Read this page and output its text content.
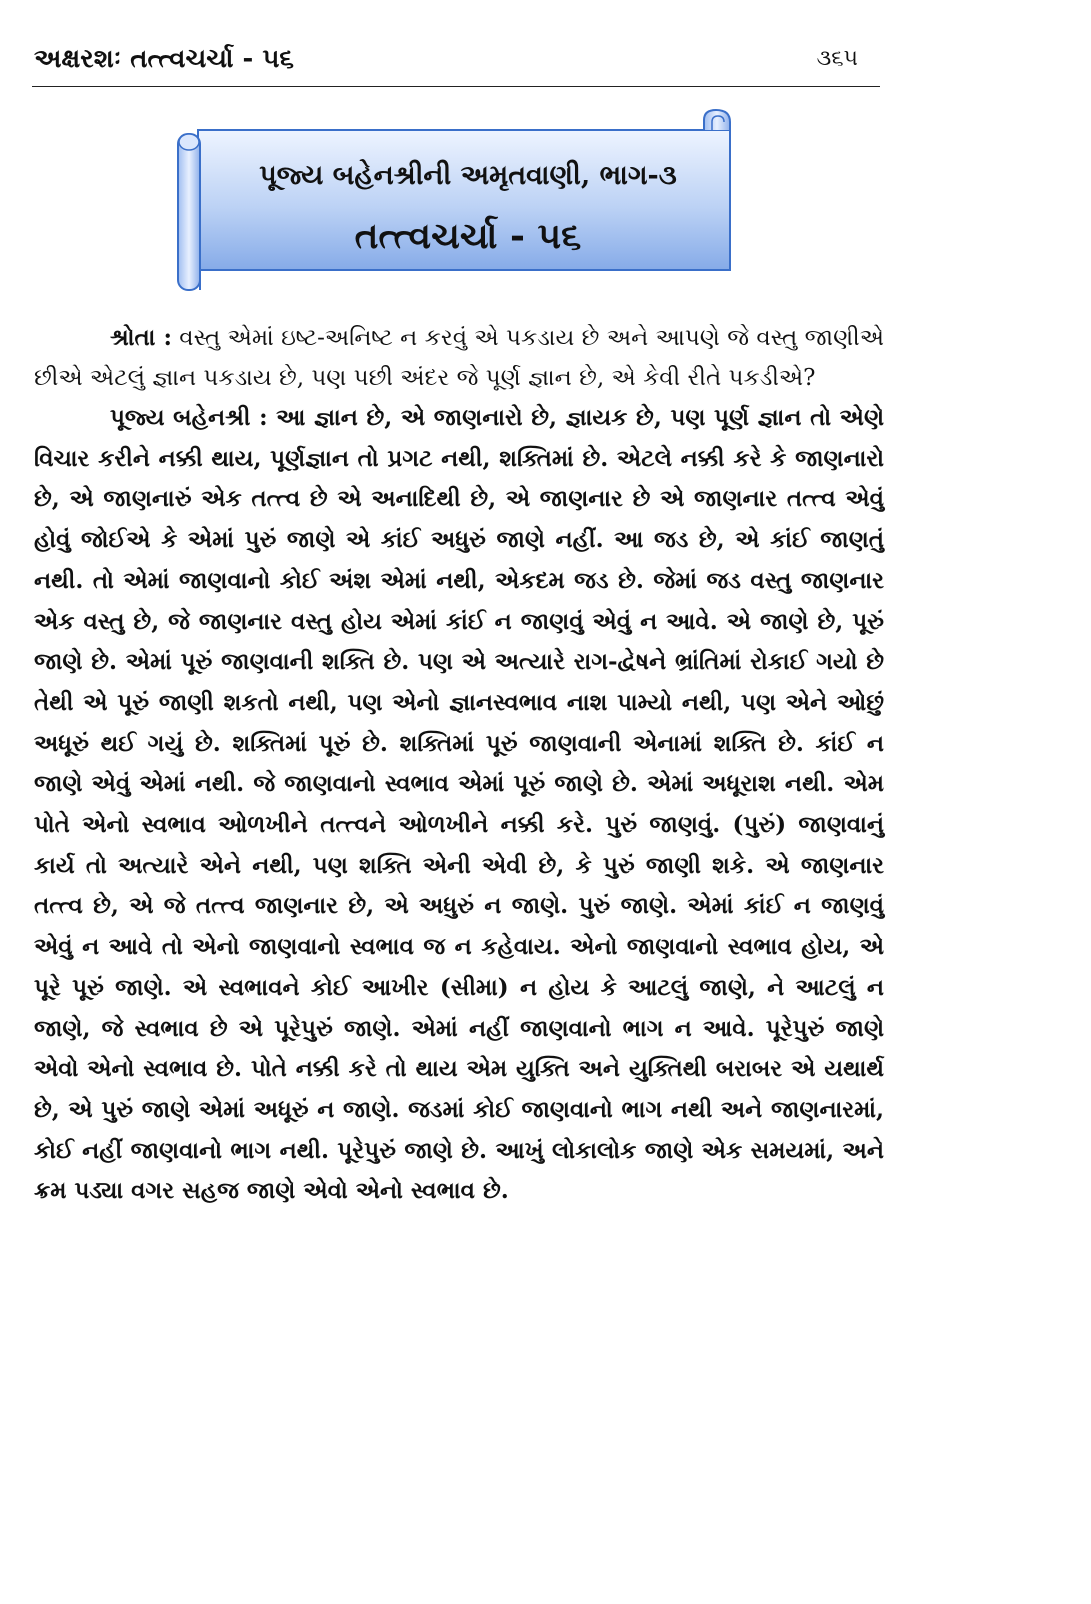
અક્ષરશઃ તત્ત્વચર્ચા - ૫૬	૩૬૫
પૂજ્ય બહેનશ્રીની અમૃતવાણી, ભાગ-૩
તત્ત્વચર્ચા - ૫૬

શ્રોતા : વસ્તુ એમાં ઇષ્ટ-અનિષ્ટ ન કરવું એ પકડાય છે અને આપણે જે વસ્તુ જાણીએ છીએ એટલું જ્ઞાન પકડાય છે, પણ પછી અંદર જે પૂર્ણ જ્ઞાન છે, એ કેવી રીતે પકડીએ?

પૂજ્ય બહેનશ્રી : આ જ્ઞાન છે, એ જાણનારો છે, જ્ઞાયક છે, પણ પૂર્ણ જ્ઞાન તો એણે વિચાર કરીને નક્કી થાય, પૂર્ણજ્ઞાન તો પ્રગટ નથી, શક્તિમાં છે. એટલે નક્કી કરે કે જાણનારો છે, એ જાણનારું એક તત્ત્વ છે એ અનાદિથી છે, એ જાણનાર છે એ જાણનાર તત્ત્વ એવું હોવું જોઈએ કે એમાં પુરું જાણે એ કાંઈ અધુરું જાણે નહીં. આ જડ છે, એ કાંઈ જાણતું નથી. તો એમાં જાણવાનો કોઈ અંશ એમાં નથી, એકદમ જડ છે. જેમાં જડ વસ્તુ જાણનાર એક વસ્તુ છે, જે જાણનાર વસ્તુ હોય એમાં કાંઈ ન જાણવું એવું ન આવે. એ જાણે છે, પૂરું જાણે છે. એમાં પૂરું જાણવાની શક્તિ છે. પણ એ અત્યારે રાગ-દ્વેષને ભ્રાંતિમાં રોકાઈ ગયો છે તેથી એ પૂરું જાણી શકતો નથી, પણ એનો જ્ઞાનસ્વભાવ નાશ પામ્યો નથી, પણ એને ઓછું અધૂરું થઈ ગયું છે. શક્તિમાં પૂરું છે. શક્તિમાં પૂરું જાણવાની એનામાં શક્તિ છે. કાંઈ ન જાણે એવું એમાં નથી. જે જાણવાનો સ્વભાવ એમાં પૂરું જાણે છે. એમાં અધૂરાશ નથી. એમ પોતે એનો સ્વભાવ ઓળખીને તત્ત્વને ઓળખીને નક્કી કરે. પુરું જાણવું. (પુરું) જાણવાનું કાર્ય તો અત્યારે એને નથી, પણ શક્તિ એની એવી છે, કે પુરું જાણી શકે. એ જાણનાર તત્ત્વ છે, એ જે તત્ત્વ જાણનાર છે, એ અધુરું ન જાણે. પુરું જાણે. એમાં કાંઈ ન જાણવું એવું ન આવે તો એનો જાણવાનો સ્વભાવ જ ન કહેવાય. એનો જાણવાનો સ્વભાવ હોય, એ પૂરે પૂરું જાણે. એ સ્વભાવને કોઈ આખીર (સીમા) ન હોય કે આટલું જાણે, ને આટલું ન જાણે, જે સ્વભાવ છે એ પૂરેપુરું જાણે. એમાં નહીં જાણવાનો ભાગ ન આવે. પૂરેપુરું જાણે એવો એનો સ્વભાવ છે. પોતે નક્કી કરે તો થાય એમ યુક્તિ અને યુક્તિથી બરાબર એ યથાર્થ છે, એ પુરું જાણે એમાં અધૂરું ન જાણે. જડમાં કોઈ જાણવાનો ભાગ નથી અને જાણનારમાં, કોઈ નહીં જાણવાનો ભાગ નથી. પૂરેપુરું જાણે છે. આખું લોકાલોક જાણે એક સમયમાં, અને ક્રમ પડ્યા વગર સહજ જાણે એવો એનો સ્વભાવ છે.
